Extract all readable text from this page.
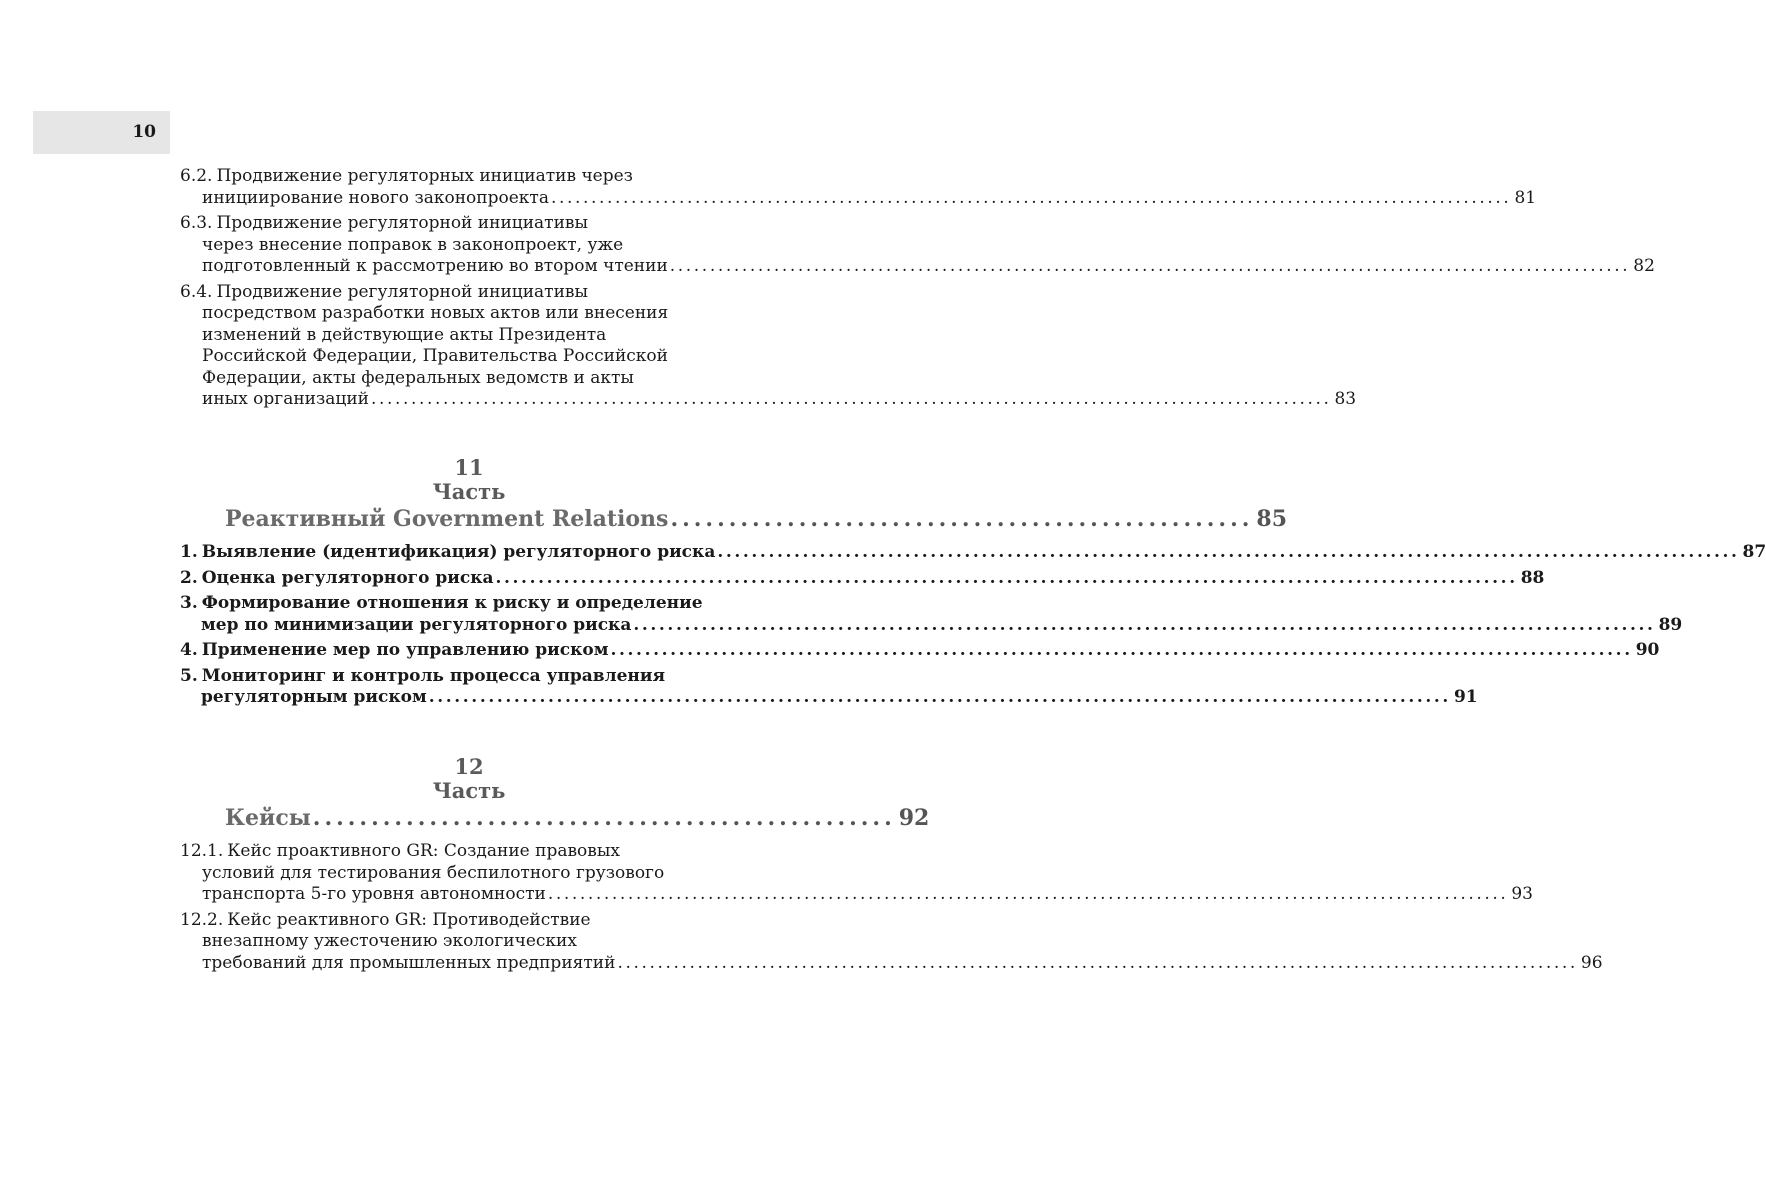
10
6.2. Продвижение регуляторных инициатив через
инициирование нового законопроекта ........................................................................................................................ 81
6.3. Продвижение регуляторной инициативы
через внесение поправок в законопроект, уже
подготовленный к рассмотрению во втором чтении ........................................................................................................................ 82
6.4. Продвижение регуляторной инициативы
посредством разработки новых актов или внесения
изменений в действующие акты Президента
Российской Федерации, Правительства Российской
Федерации, акты федеральных ведомств и акты
иных организаций ........................................................................................................................ 83
11
Часть
Реактивный Government Relations .................................................. 85
1. Выявление (идентификация) регуляторного риска ........................................................................................................................ 87
2. Оценка регуляторного риска ........................................................................................................................ 88
3. Формирование отношения к риску и определение
мер по минимизации регуляторного риска ........................................................................................................................ 89
4. Применение мер по управлению риском ........................................................................................................................ 90
5. Мониторинг и контроль процесса управления
регуляторным риском ........................................................................................................................ 91
12
Часть
Кейсы .................................................. 92
12.1. Кейс проактивного GR: Создание правовых
условий для тестирования беспилотного грузового
транспорта 5-го уровня автономности ........................................................................................................................ 93
12.2. Кейс реактивного GR: Противодействие
внезапному ужесточению экологических
требований для промышленных предприятий ........................................................................................................................ 96
